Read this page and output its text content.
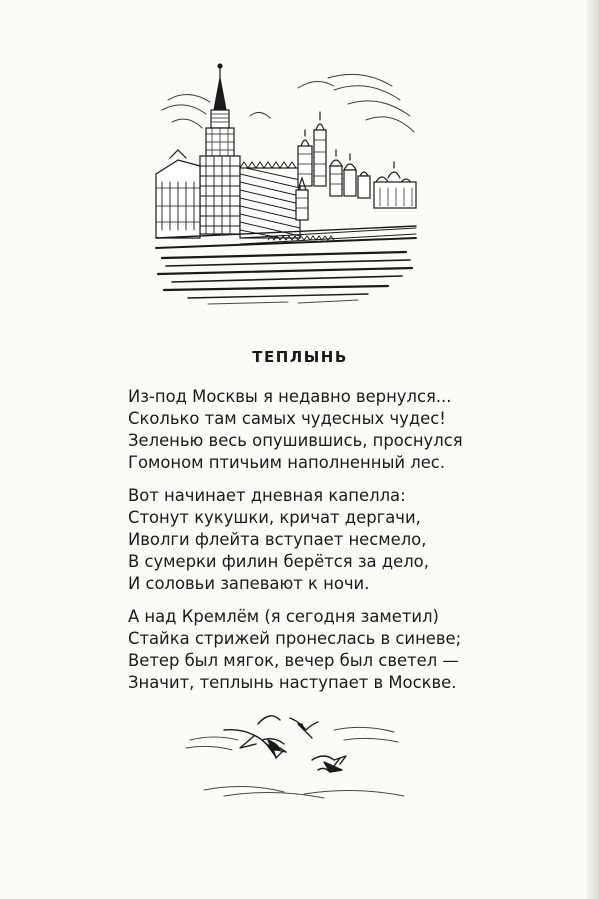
ТЕПЛЫНЬ
Из-под Москвы я недавно вернулся...
Сколько там самых чудесных чудес!
Зеленью весь опушившись, проснулся
Гомоном птичьим наполненный лес.
Вот начинает дневная капелла:
Стонут кукушки, кричат дергачи,
Иволги флейта вступает несмело,
В сумерки филин берётся за дело,
И соловьи запевают к ночи.
А над Кремлём (я сегодня заметил)
Стайка стрижей пронеслась в синеве;
Ветер был мягок, вечер был светел —
Значит, теплынь наступает в Москве.
